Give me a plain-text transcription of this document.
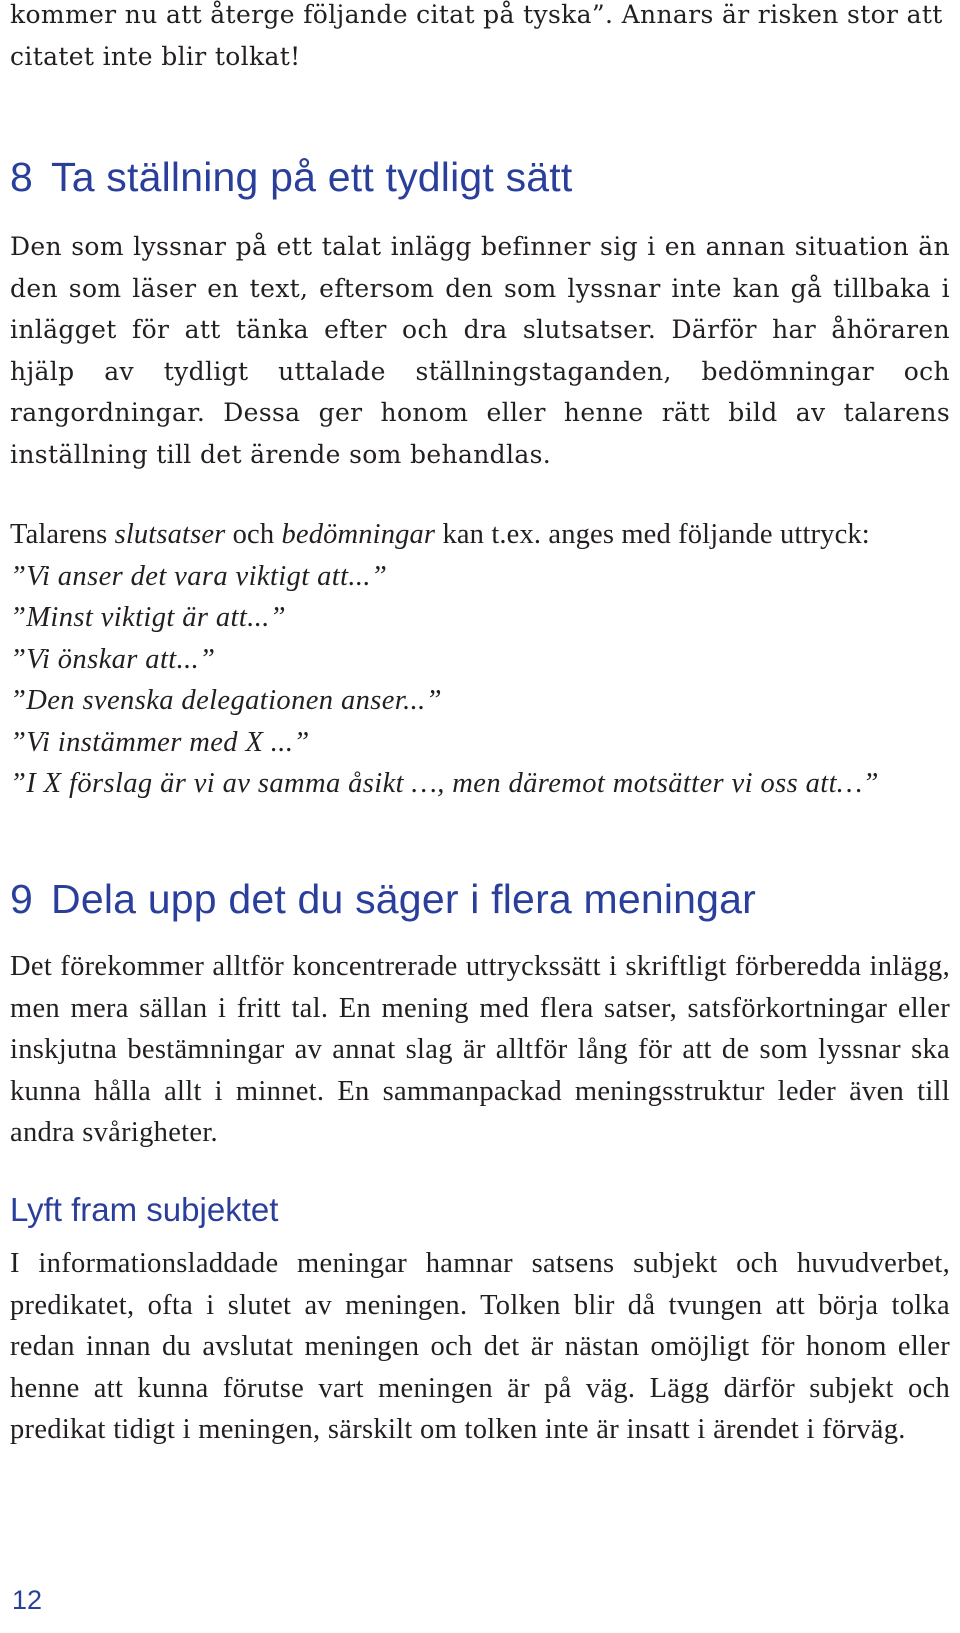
kommer nu att återge följande citat på tyska”. Annars är risken stor att
citatet inte blir tolkat!

8 Ta ställning på ett tydligt sätt

Den som lyssnar på ett talat inlägg befinner sig i en annan situation än den som läser en text, eftersom den som lyssnar inte kan gå tillbaka i inlägget för att tänka efter och dra slutsatser. Därför har åhöraren hjälp av tydligt uttalade ställningstaganden, bedömningar och rangordningar. Dessa ger honom eller henne rätt bild av talarens inställning till det ärende som behandlas.

Talarens slutsatser och bedömningar kan t.ex. anges med följande uttryck:

”Vi anser det vara viktigt att...”

”Minst viktigt är att...”

”Vi önskar att...”

”Den svenska delegationen anser...”

”Vi instämmer med X ...”

”I X förslag är vi av samma åsikt …, men däremot motsätter vi oss att…”

9 Dela upp det du säger i flera meningar

Det förekommer alltför koncentrerade uttryckssätt i skriftligt förberedda inlägg, men mera sällan i fritt tal. En mening med flera satser, satsförkortningar eller inskjutna bestämningar av annat slag är alltför lång för att de som lyssnar ska kunna hålla allt i minnet. En sammanpackad meningsstruktur leder även till andra svårigheter.

Lyft fram subjektet

I informationsladdade meningar hamnar satsens subjekt och huvudverbet, predikatet, ofta i slutet av meningen. Tolken blir då tvungen att börja tolka redan innan du avslutat meningen och det är nästan omöjligt för honom eller henne att kunna förutse vart meningen är på väg. Lägg därför subjekt och predikat tidigt i meningen, särskilt om tolken inte är insatt i ärendet i förväg.

12
